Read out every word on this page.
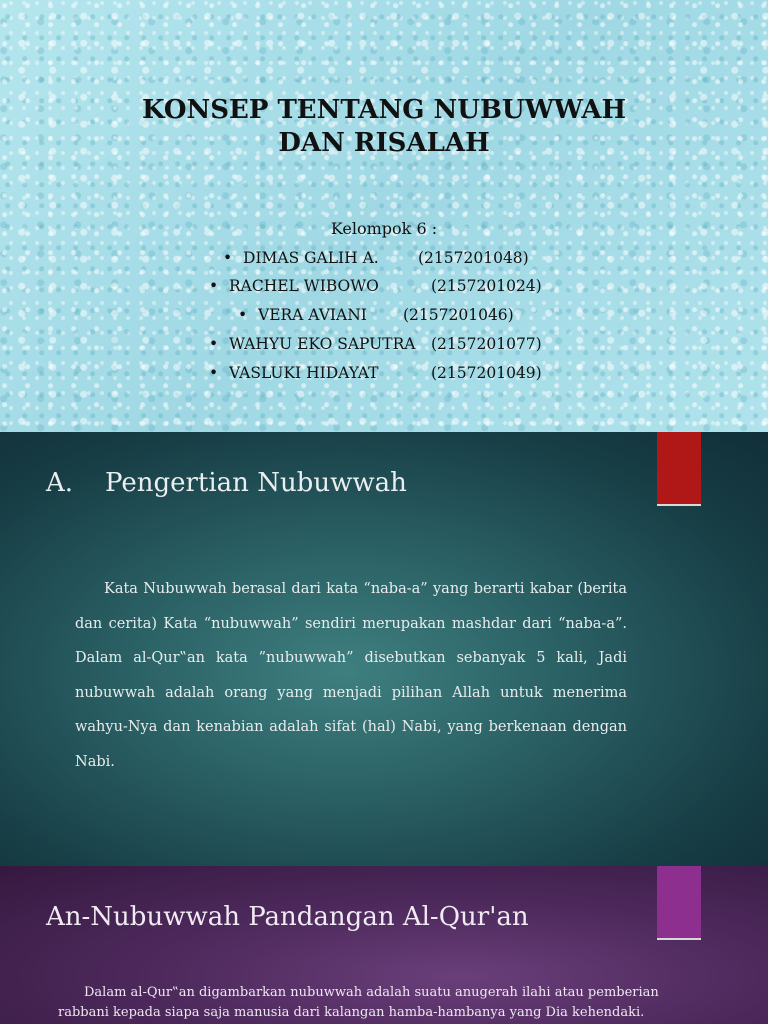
KONSEP TENTANG NUBUWWAH
DAN RISALAH
Kelompok 6 :
• DIMAS GALIH A.	(2157201048)
• RACHEL WIBOWO	(2157201024)
• VERA AVIANI (2157201046)
• WAHYU EKO SAPUTRA (2157201077)
• VASLUKI HIDAYAT	(2157201049)
A. Pengertian Nubuwwah

Kata Nubuwwah berasal dari kata “naba-a” yang berarti kabar (berita dan cerita) Kata “nubuwwah” sendiri merupakan mashdar dari “naba-a”. Dalam al-Qur‟an kata ”nubuwwah” disebutkan sebanyak 5 kali, Jadi nubuwwah adalah orang yang menjadi pilihan Allah untuk menerima wahyu-Nya dan kenabian adalah sifat (hal) Nabi, yang berkenaan dengan Nabi.

An-Nubuwwah Pandangan Al-Qur'an

Dalam al-Qur‟an digambarkan nubuwwah adalah suatu anugerah ilahi atau pemberian
rabbani kepada siapa saja manusia dari kalangan hamba-hambanya yang Dia kehendaki.
